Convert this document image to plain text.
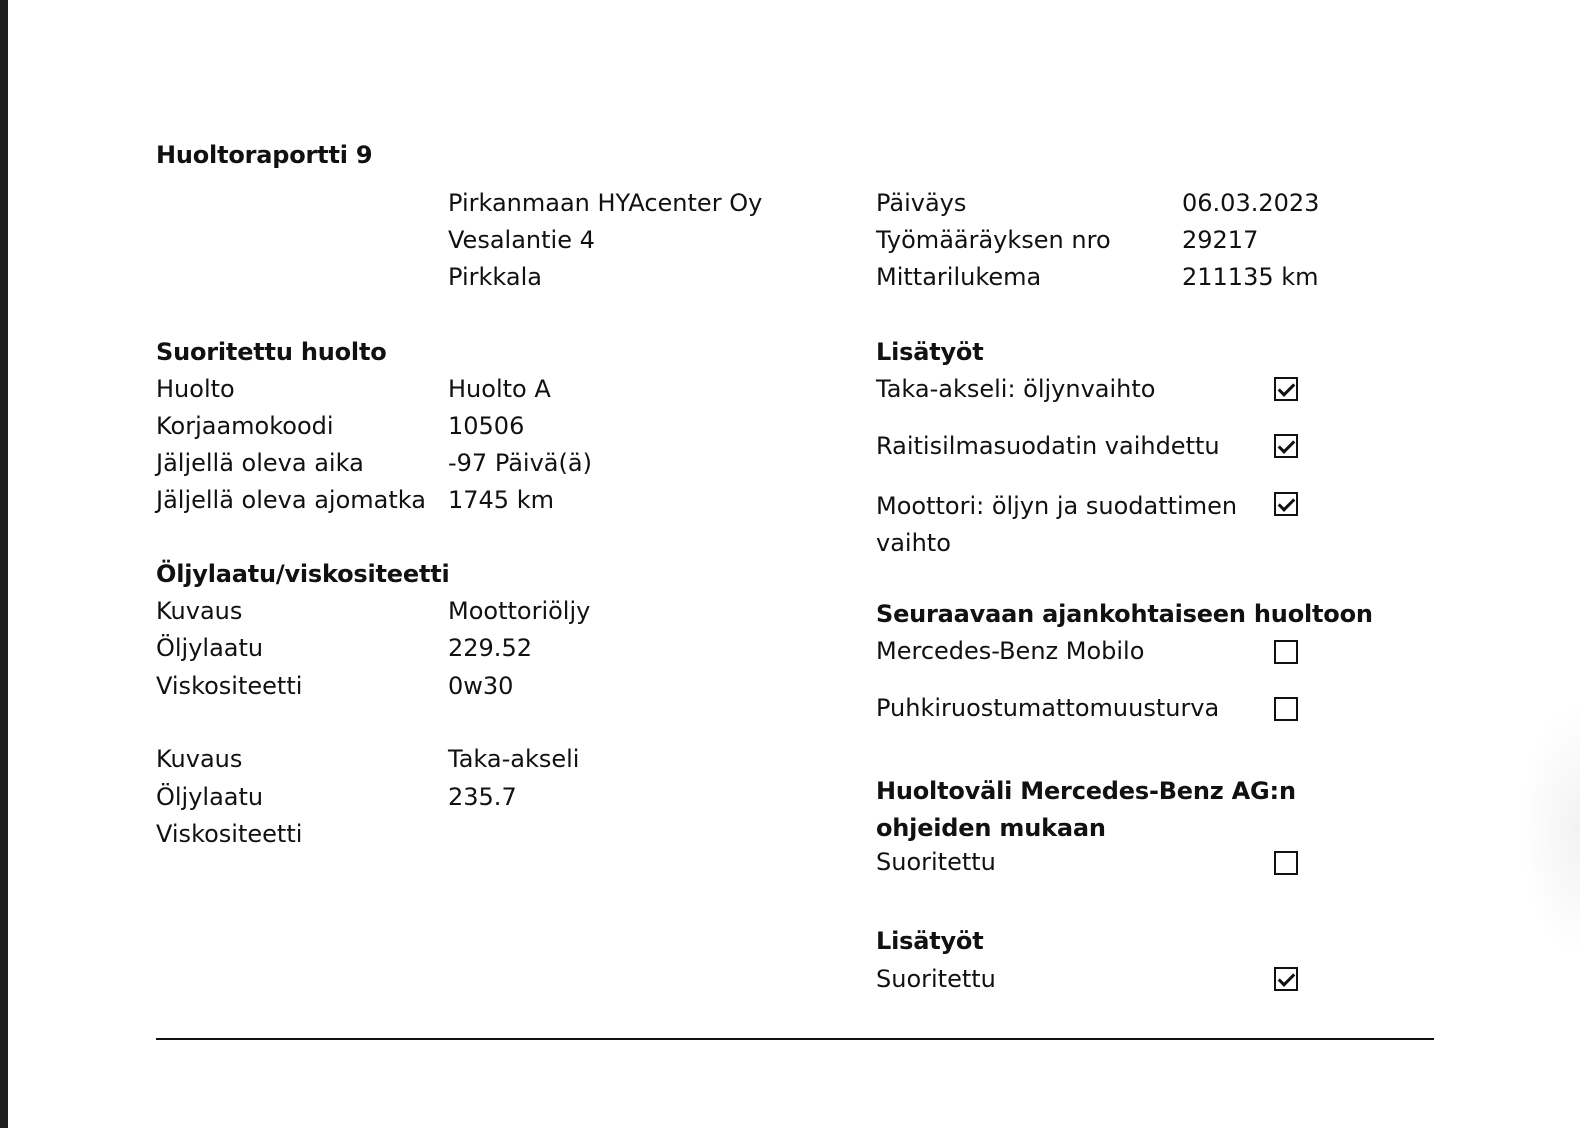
Huoltoraportti 9
Pirkanmaan HYAcenter Oy
Vesalantie 4
Pirkkala
Päiväys	06.03.2023
Työmääräyksen nro	29217
Mittarilukema	211135 km
Suoritettu huolto
Huolto	Huolto A
Korjaamokoodi	10506
Jäljellä oleva aika	-97 Päivä(ä)
Jäljellä oleva ajomatka 1745 km
Öljylaatu/viskositeetti
Kuvaus	Moottoriöljy
Öljylaatu	229.52
Viskositeetti	0w30
Kuvaus	Taka-akseli
Öljylaatu	235.7
Viskositeetti
Lisätyöt
Taka-akseli: öljynvaihto
Raitisilmasuodatin vaihdettu
Moottori: öljyn ja suodattimen vaihto
Seuraavaan ajankohtaiseen huoltoon
Mercedes-Benz Mobilo
Puhkiruostumattomuusturva
Huoltoväli Mercedes-Benz AG:n ohjeiden mukaan
Suoritettu
Lisätyöt
Suoritettu
